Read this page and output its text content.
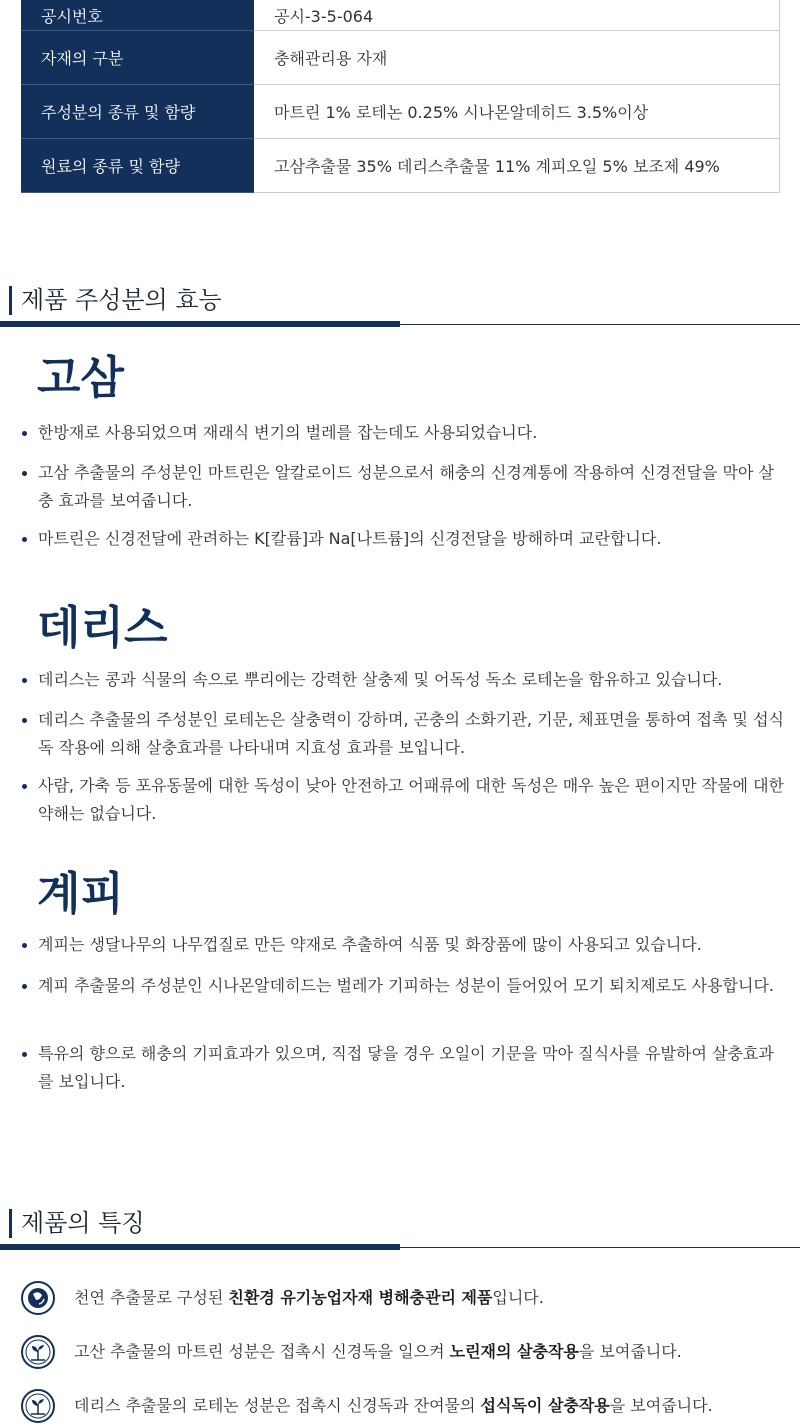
공시번호	공시-3-5-064
자재의 구분	충해관리용 자재
주성분의 종류 및 함량	마트린 1% 로테논 0.25% 시나몬알데히드 3.5%이상
원료의 종류 및 함량	고삼추출물 35% 데리스추출물 11% 계피오일 5% 보조제 49%
제품 주성분의 효능
고삼
한방재로 사용되었으며 재래식 변기의 벌레를 잡는데도 사용되었습니다.
고삼 추출물의 주성분인 마트린은 알칼로이드 성분으로서 해충의 신경계통에 작용하여 신경전달을 막아 살충 효과를 보여줍니다.
마트린은 신경전달에 관려하는 K[칼륨]과 Na[나트륨]의 신경전달을 방해하며 교란합니다.
데리스
데리스는 콩과 식물의 속으로 뿌리에는 강력한 살충제 및 어독성 독소 로테논을 함유하고 있습니다.
데리스 추출물의 주성분인 로테논은 살충력이 강하며, 곤충의 소화기관, 기문, 체표면을 통하여 접촉 및 섭식독 작용에 의해 살충효과를 나타내며 지효성 효과를 보입니다.
사람, 가축 등 포유동물에 대한 독성이 낮아 안전하고 어패류에 대한 독성은 매우 높은 편이지만 작물에 대한 약해는 없습니다.
계피
계피는 생달나무의 나무껍질로 만든 약재로 추출하여 식품 및 화장품에 많이 사용되고 있습니다.
계피 추출물의 주성분인 시나몬알데히드는 벌레가 기피하는 성분이 들어있어 모기 퇴치제로도 사용합니다.
특유의 향으로 해충의 기피효과가 있으며, 직접 닿을 경우 오일이 기문을 막아 질식사를 유발하여 살충효과를 보입니다.
제품의 특징
천연 추출물로 구성된 친환경 유기농업자재 병해충관리 제품입니다.
고산 추출물의 마트린 성분은 접촉시 신경독을 일으켜 노린재의 살충작용을 보여줍니다.
데리스 추출물의 로테논 성분은 접촉시 신경독과 잔여물의 섭식독이 살충작용을 보여줍니다.
